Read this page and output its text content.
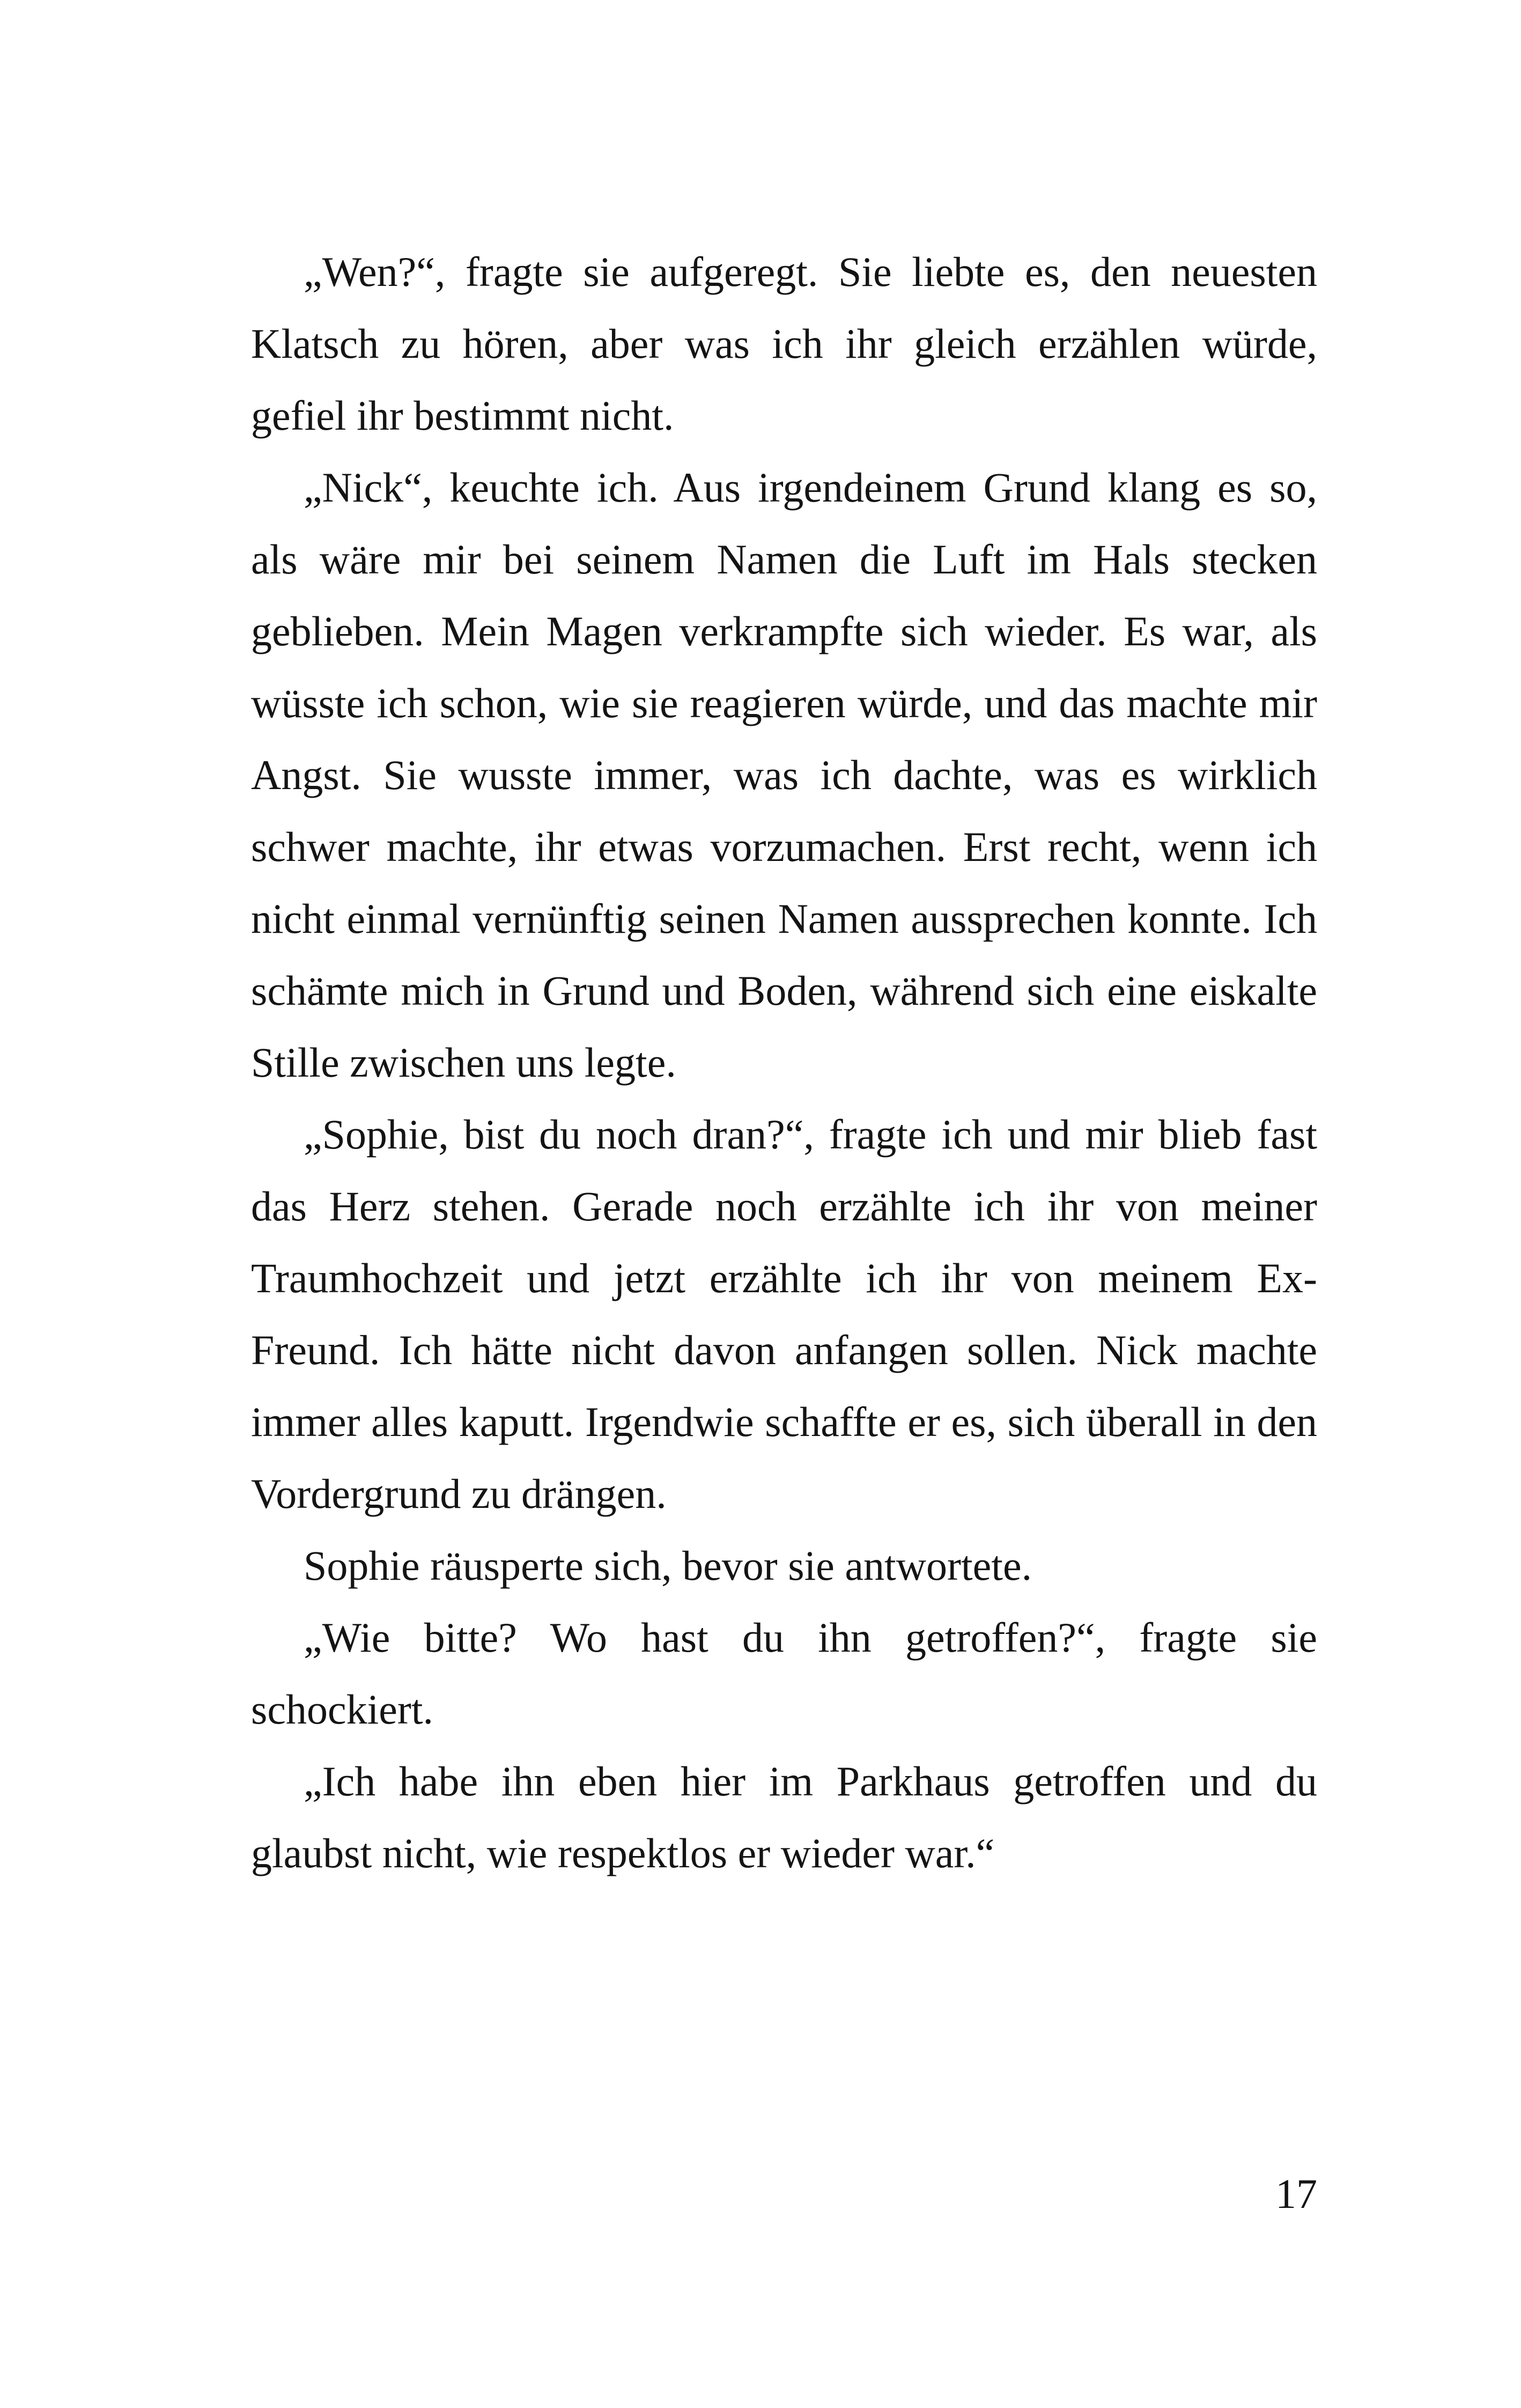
„Wen?“, fragte sie aufgeregt. Sie liebte es, den neuesten Klatsch zu hören, aber was ich ihr gleich erzählen würde, gefiel ihr bestimmt nicht.

„Nick“, keuchte ich. Aus irgendeinem Grund klang es so, als wäre mir bei seinem Namen die Luft im Hals stecken geblieben. Mein Magen verkrampfte sich wieder. Es war, als wüsste ich schon, wie sie reagieren würde, und das machte mir Angst. Sie wusste immer, was ich dachte, was es wirklich schwer machte, ihr etwas vorzumachen. Erst recht, wenn ich nicht einmal vernünftig seinen Namen aussprechen konnte. Ich schämte mich in Grund und Boden, während sich eine eiskalte Stille zwischen uns legte.

„Sophie, bist du noch dran?“, fragte ich und mir blieb fast das Herz stehen. Gerade noch erzählte ich ihr von meiner Traumhochzeit und jetzt erzählte ich ihr von meinem Ex-Freund. Ich hätte nicht davon anfangen sollen. Nick machte immer alles kaputt. Irgendwie schaffte er es, sich überall in den Vordergrund zu drängen.

Sophie räusperte sich, bevor sie antwortete.

„Wie bitte? Wo hast du ihn getroffen?“, fragte sie schockiert.

„Ich habe ihn eben hier im Parkhaus getroffen und du glaubst nicht, wie respektlos er wieder war.“

17
